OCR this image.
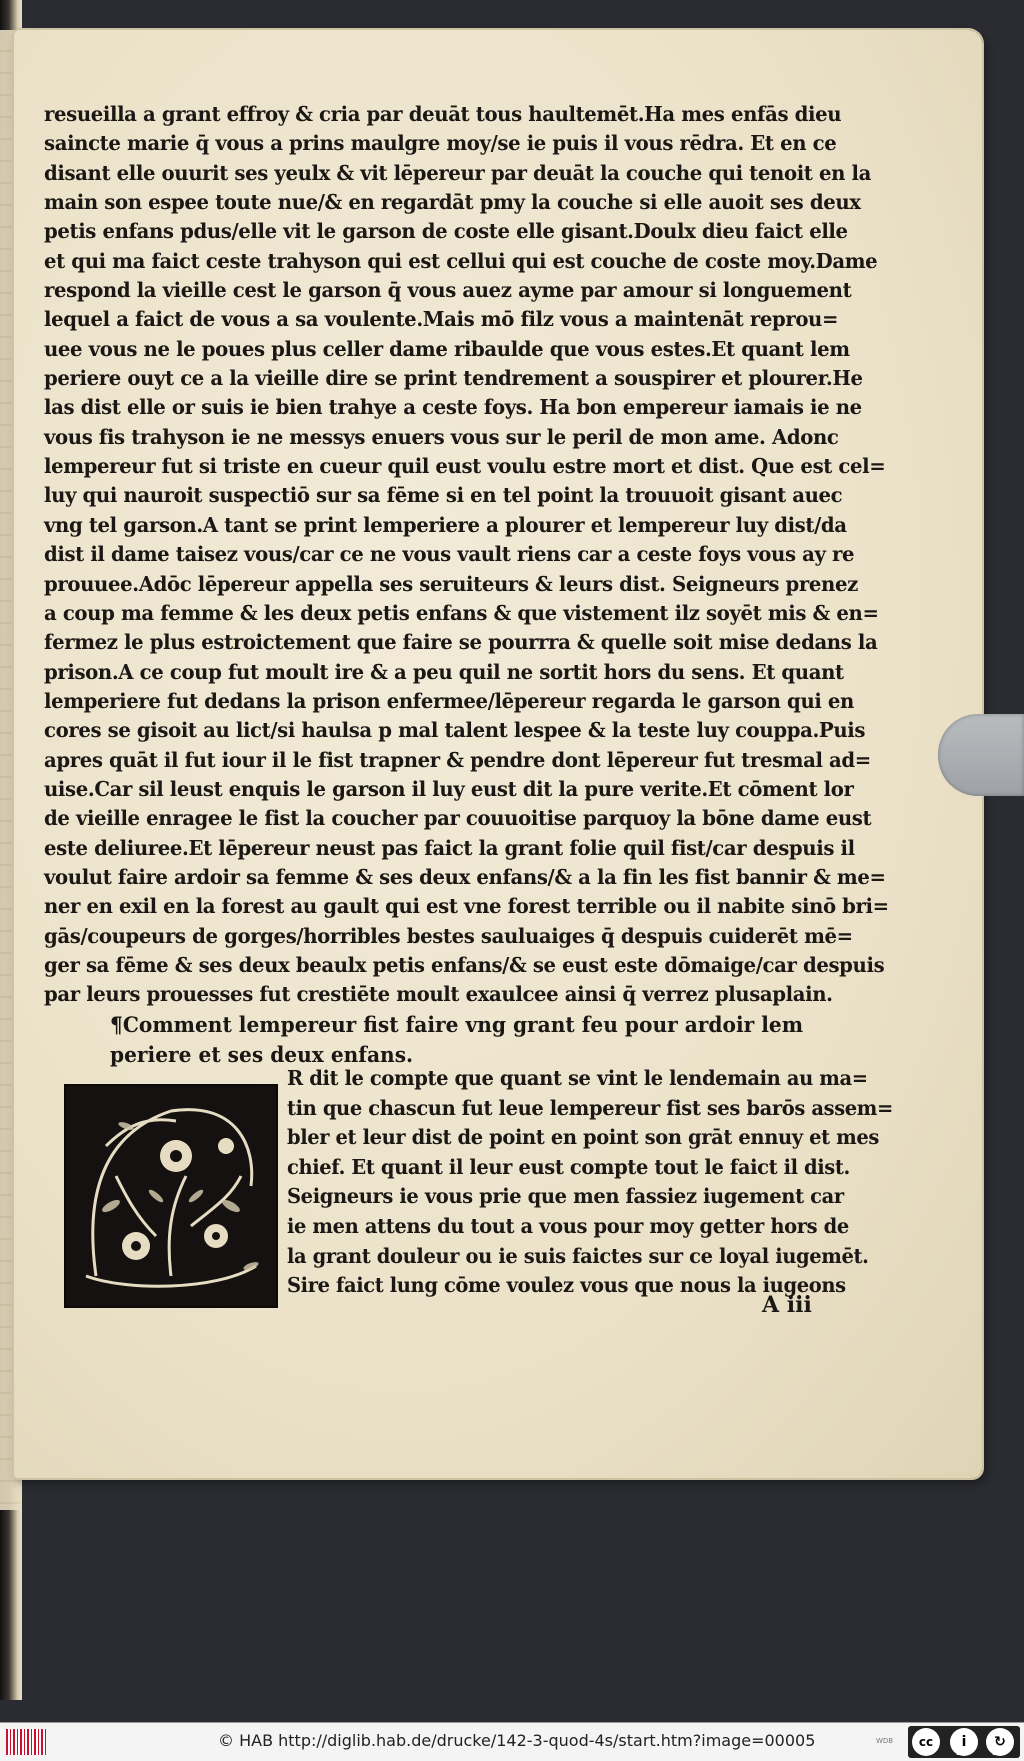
resueilla a grant effroy & cria par deuāt tous haultemēt.Ha mes enfās dieu
saincte marie q̄ vous a prins maulgre moy/se ie puis il vous rēdra. Et en ce
disant elle ouurit ses yeulx & vit lēpereur par deuāt la couche qui tenoit en la
main son espee toute nue/& en regardāt pmy la couche si elle auoit ses deux
petis enfans pdus/elle vit le garson de coste elle gisant.Doulx dieu faict elle
et qui ma faict ceste trahyson qui est cellui qui est couche de coste moy.Dame
respond la vieille cest le garson q̄ vous auez ayme par amour si longuement
lequel a faict de vous a sa voulente.Mais mō filz vous a maintenāt reprou=
uee vous ne le poues plus celler dame ribaulde que vous estes.Et quant lem
periere ouyt ce a la vieille dire se print tendrement a souspirer et plourer.He
las dist elle or suis ie bien trahye a ceste foys. Ha bon empereur iamais ie ne
vous fis trahyson ie ne messys enuers vous sur le peril de mon ame. Adonc
lempereur fut si triste en cueur quil eust voulu estre mort et dist. Que est cel=
luy qui nauroit suspectiō sur sa fēme si en tel point la trouuoit gisant auec
vng tel garson.A tant se print lemperiere a plourer et lempereur luy dist/da
dist il dame taisez vous/car ce ne vous vault riens car a ceste foys vous ay re
prouuee.Adōc lēpereur appella ses seruiteurs & leurs dist. Seigneurs prenez
a coup ma femme & les deux petis enfans & que vistement ilz soyēt mis & en=
fermez le plus estroictement que faire se pourrra & quelle soit mise dedans la
prison.A ce coup fut moult ire & a peu quil ne sortit hors du sens. Et quant
lemperiere fut dedans la prison enfermee/lēpereur regarda le garson qui en
cores se gisoit au lict/si haulsa p mal talent lespee & la teste luy couppa.Puis
apres quāt il fut iour il le fist trapner & pendre dont lēpereur fut tresmal ad=
uise.Car sil leust enquis le garson il luy eust dit la pure verite.Et cōment lor
de vieille enragee le fist la coucher par couuoitise parquoy la bōne dame eust
este deliuree.Et lēpereur neust pas faict la grant folie quil fist/car despuis il
voulut faire ardoir sa femme & ses deux enfans/& a la fin les fist bannir & me=
ner en exil en la forest au gault qui est vne forest terrible ou il nabite sinō bri=
gās/coupeurs de gorges/horribles bestes sauluaiges q̄ despuis cuiderēt mē=
ger sa fēme & ses deux beaulx petis enfans/& se eust este dōmaige/car despuis
par leurs prouesses fut crestiēte moult exaulcee ainsi q̄ verrez plusaplain.
¶Comment lempereur fist faire vng grant feu pour ardoir lem
periere et ses deux enfans.
R dit le compte que quant se vint le lendemain au ma=
tin que chascun fut leue lempereur fist ses barōs assem=
bler et leur dist de point en point son grāt ennuy et mes
chief. Et quant il leur eust compte tout le faict il dist.
Seigneurs ie vous prie que men fassiez iugement car
ie men attens du tout a vous pour moy getter hors de
la grant douleur ou ie suis faictes sur ce loyal iugemēt.
Sire faict lung cōme voulez vous que nous la iugeons
A iii
© HAB http://diglib.hab.de/drucke/142-3-quod-4s/start.htm?image=00005	WDB	cc	i	↻
BY	SA
